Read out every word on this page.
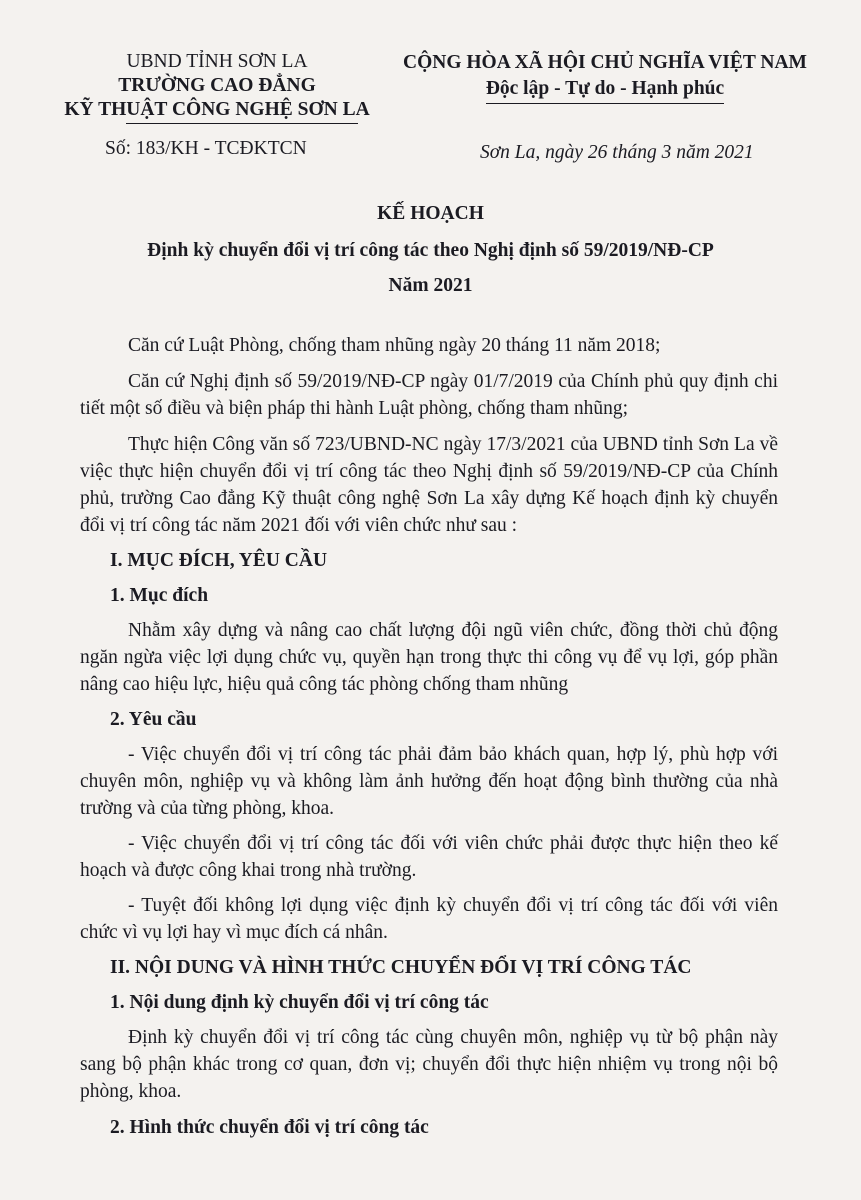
UBND TỈNH SƠN LA
TRƯỜNG CAO ĐẲNG
KỸ THUẬT CÔNG NGHỆ SƠN LA
Số: 183/KH - TCĐKTCN
CỘNG HÒA XÃ HỘI CHỦ NGHĨA VIỆT NAM
Độc lập - Tự do - Hạnh phúc
Sơn La, ngày 26 tháng 3 năm 2021
KẾ HOẠCH
Định kỳ chuyển đổi vị trí công tác theo Nghị định số 59/2019/NĐ-CP
Năm 2021

Căn cứ Luật Phòng, chống tham nhũng ngày 20 tháng 11 năm 2018;

Căn cứ Nghị định số 59/2019/NĐ-CP ngày 01/7/2019 của Chính phủ quy định chi tiết một số điều và biện pháp thi hành Luật phòng, chống tham nhũng;

Thực hiện Công văn số 723/UBND-NC ngày 17/3/2021 của UBND tỉnh Sơn La về việc thực hiện chuyển đổi vị trí công tác theo Nghị định số 59/2019/NĐ-CP của Chính phủ, trường Cao đẳng Kỹ thuật công nghệ Sơn La xây dựng Kế hoạch định kỳ chuyển đổi vị trí công tác năm 2021 đối với viên chức như sau :

I. MỤC ĐÍCH, YÊU CẦU

1. Mục đích

Nhằm xây dựng và nâng cao chất lượng đội ngũ viên chức, đồng thời chủ động ngăn ngừa việc lợi dụng chức vụ, quyền hạn trong thực thi công vụ để vụ lợi, góp phần nâng cao hiệu lực, hiệu quả công tác phòng chống tham nhũng

2. Yêu cầu

- Việc chuyển đổi vị trí công tác phải đảm bảo khách quan, hợp lý, phù hợp với chuyên môn, nghiệp vụ và không làm ảnh hưởng đến hoạt động bình thường của nhà trường và của từng phòng, khoa.

- Việc chuyển đổi vị trí công tác đối với viên chức phải được thực hiện theo kế hoạch và được công khai trong nhà trường.

- Tuyệt đối không lợi dụng việc định kỳ chuyển đổi vị trí công tác đối với viên chức vì vụ lợi hay vì mục đích cá nhân.

II. NỘI DUNG VÀ HÌNH THỨC CHUYỂN ĐỔI VỊ TRÍ CÔNG TÁC

1. Nội dung định kỳ chuyển đổi vị trí công tác

Định kỳ chuyển đổi vị trí công tác cùng chuyên môn, nghiệp vụ từ bộ phận này sang bộ phận khác trong cơ quan, đơn vị; chuyển đổi thực hiện nhiệm vụ trong nội bộ phòng, khoa.

2. Hình thức chuyển đổi vị trí công tác
